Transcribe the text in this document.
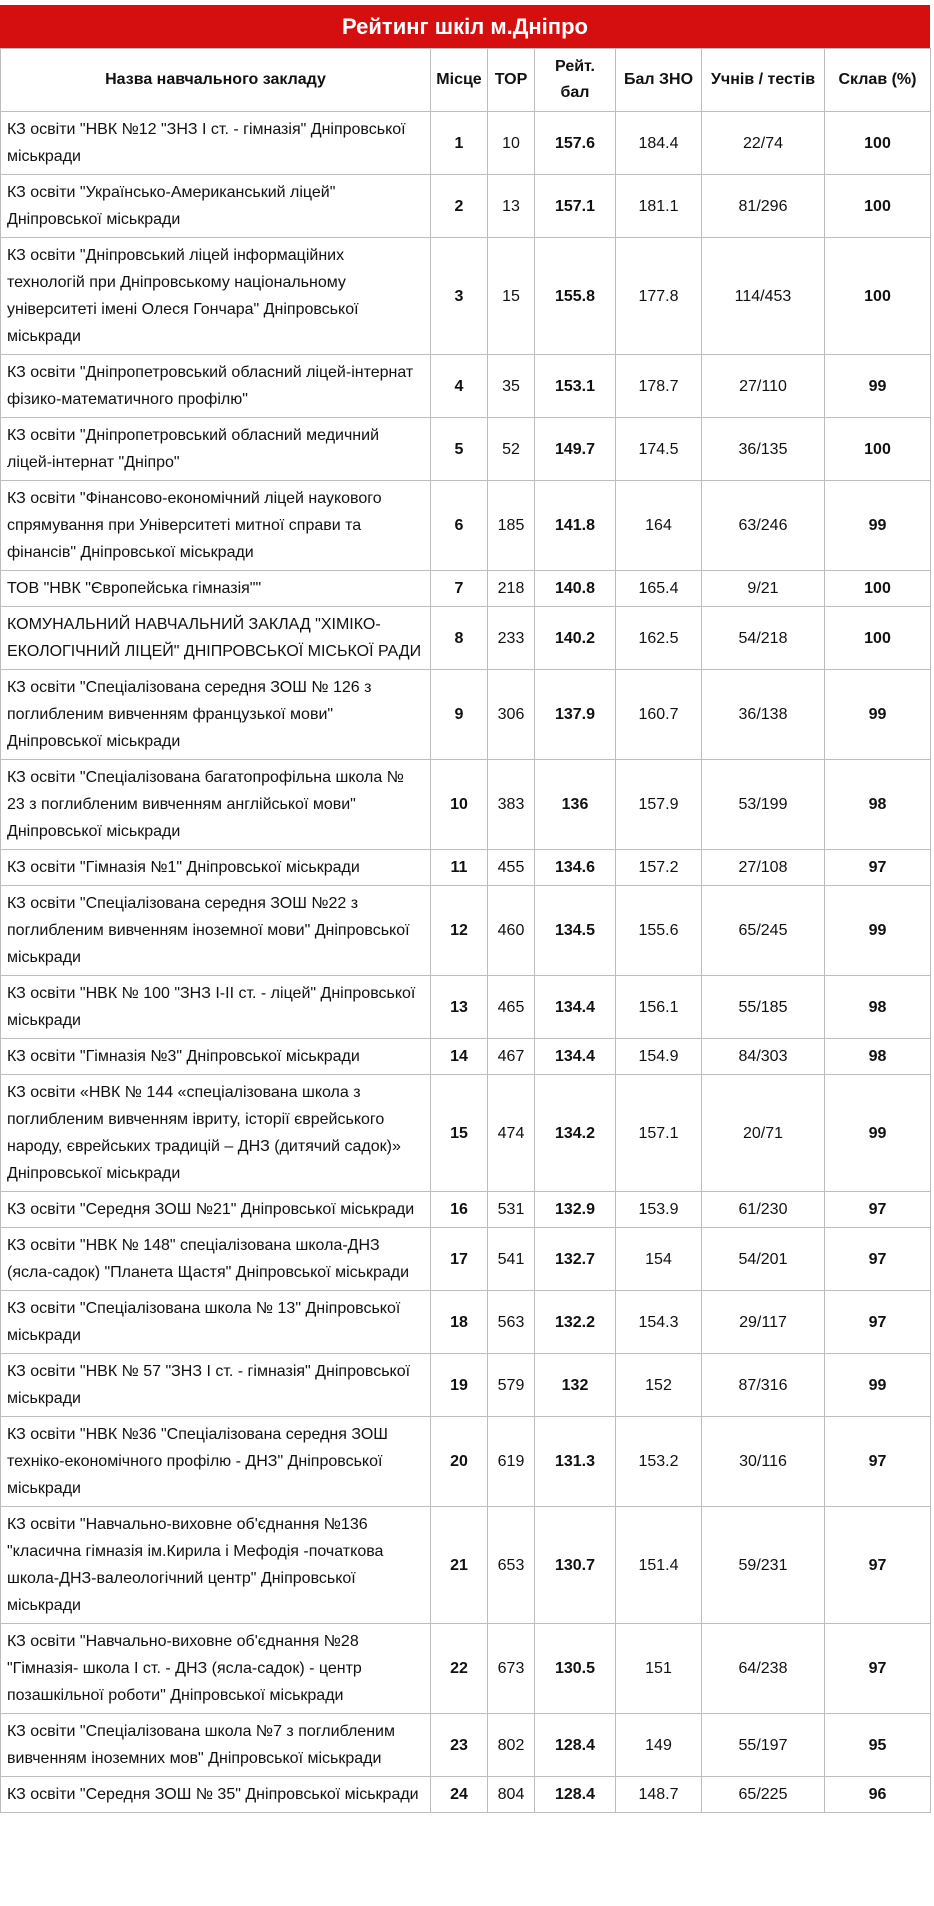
Рейтинг шкіл м.Дніпро
Назва навчального закладу	Місце	TOP	Рейт. бал	Бал ЗНО	Учнів / тестів	Склав (%)
КЗ освіти "НВК №12 "ЗНЗ І ст. - гімназія" Дніпровської міськради	1	10	157.6	184.4	22/74	100
КЗ освіти "Українсько-Американський ліцей" Дніпровської міськради	2	13	157.1	181.1	81/296	100
КЗ освіти "Дніпровський ліцей інформаційних технологій при Дніпровському національному університеті імені Олеся Гончара" Дніпровської міськради	3	15	155.8	177.8	114/453	100
КЗ освіти "Дніпропетровський обласний ліцей-інтернат фізико-математичного профілю"	4	35	153.1	178.7	27/110	99
КЗ освіти "Дніпропетровський обласний медичний ліцей-інтернат "Дніпро"	5	52	149.7	174.5	36/135	100
КЗ освіти "Фінансово-економічний ліцей наукового спрямування при Університеті митної справи та фінансів" Дніпровської міськради	6	185	141.8	164	63/246	99
ТОВ "НВК "Європейська гімназія""	7	218	140.8	165.4	9/21	100
КОМУНАЛЬНИЙ НАВЧАЛЬНИЙ ЗАКЛАД "ХІМІКО-ЕКОЛОГІЧНИЙ ЛІЦЕЙ" ДНІПРОВСЬКОЇ МІСЬКОЇ РАДИ	8	233	140.2	162.5	54/218	100
КЗ освіти "Спеціалізована середня ЗОШ № 126 з поглибленим вивченням французької мови" Дніпровської міськради	9	306	137.9	160.7	36/138	99
КЗ освіти "Спеціалізована багатопрофільна школа № 23 з поглибленим вивченням англійської мови" Дніпровської міськради	10	383	136	157.9	53/199	98
КЗ освіти "Гімназія №1" Дніпровської міськради	11	455	134.6	157.2	27/108	97
КЗ освіти "Спеціалізована середня ЗОШ №22 з поглибленим вивченням іноземної мови" Дніпровської міськради	12	460	134.5	155.6	65/245	99
КЗ освіти "НВК № 100 "ЗНЗ І-ІІ ст. - ліцей" Дніпровської міськради	13	465	134.4	156.1	55/185	98
КЗ освіти "Гімназія №3" Дніпровської міськради	14	467	134.4	154.9	84/303	98
КЗ освіти «НВК № 144 «спеціалізована школа з поглибленим вивченням івриту, історії єврейського народу, єврейських традицій – ДНЗ (дитячий садок)» Дніпровської міськради	15	474	134.2	157.1	20/71	99
КЗ освіти "Середня ЗОШ №21" Дніпровської міськради	16	531	132.9	153.9	61/230	97
КЗ освіти "НВК № 148" спеціалізована школа-ДНЗ (ясла-садок) "Планета Щастя" Дніпровської міськради	17	541	132.7	154	54/201	97
КЗ освіти "Спеціалізована школа № 13" Дніпровської міськради	18	563	132.2	154.3	29/117	97
КЗ освіти "НВК № 57 "ЗНЗ І ст. - гімназія" Дніпровської міськради	19	579	132	152	87/316	99
КЗ освіти "НВК №36 "Спеціалізована середня ЗОШ техніко-економічного профілю - ДНЗ" Дніпровської міськради	20	619	131.3	153.2	30/116	97
КЗ освіти "Навчально-виховне об'єднання №136 "класична гімназія ім.Кирила і Мефодія -початкова школа-ДНЗ-валеологічний центр" Дніпровської міськради	21	653	130.7	151.4	59/231	97
КЗ освіти "Навчально-виховне об'єднання №28 "Гімназія- школа І ст. - ДНЗ (ясла-садок) - центр позашкільної роботи" Дніпровської міськради	22	673	130.5	151	64/238	97
КЗ освіти "Спеціалізована школа №7 з поглибленим вивченням іноземних мов" Дніпровської міськради	23	802	128.4	149	55/197	95
КЗ освіти "Середня ЗОШ № 35" Дніпровської міськради	24	804	128.4	148.7	65/225	96
